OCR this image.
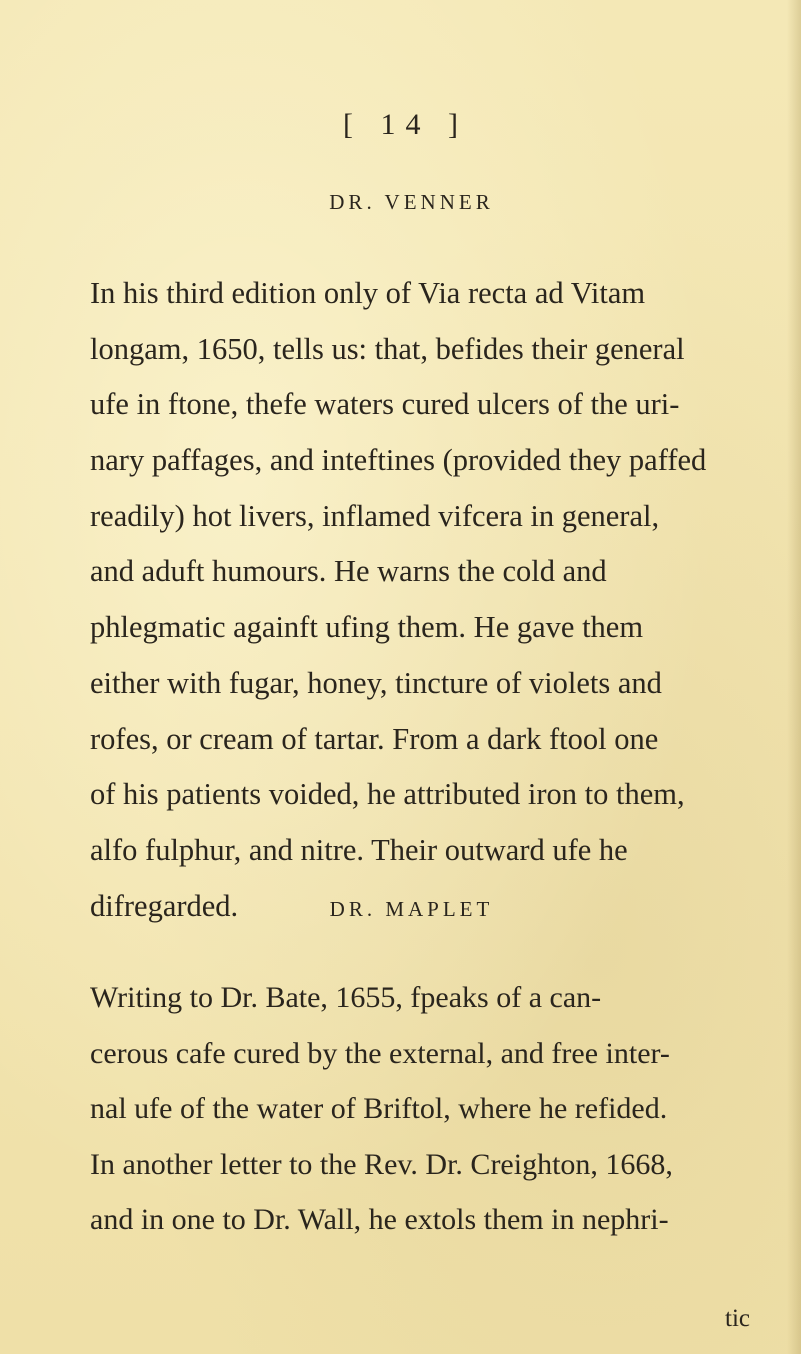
[ 14 ]
DR. VENNER
In his third edition only of Via recta ad Vitam
longam, 1650, tells us: that, befides their general
ufe in ftone, thefe waters cured ulcers of the uri-
nary paffages, and inteftines (provided they paffed
readily) hot livers, inflamed vifcera in general,
and aduft humours. He warns the cold and
phlegmatic againft ufing them. He gave them
either with fugar, honey, tincture of violets and
rofes, or cream of tartar. From a dark ftool one
of his patients voided, he attributed iron to them,
alfo fulphur, and nitre. Their outward ufe he
difregarded.	DR. MAPLET
Writing to Dr. Bate, 1655, fpeaks of a can-
cerous cafe cured by the external, and free inter-
nal ufe of the water of Briftol, where he refided.
In another letter to the Rev. Dr. Creighton, 1668,
and in one to Dr. Wall, he extols them in nephri-
tic
